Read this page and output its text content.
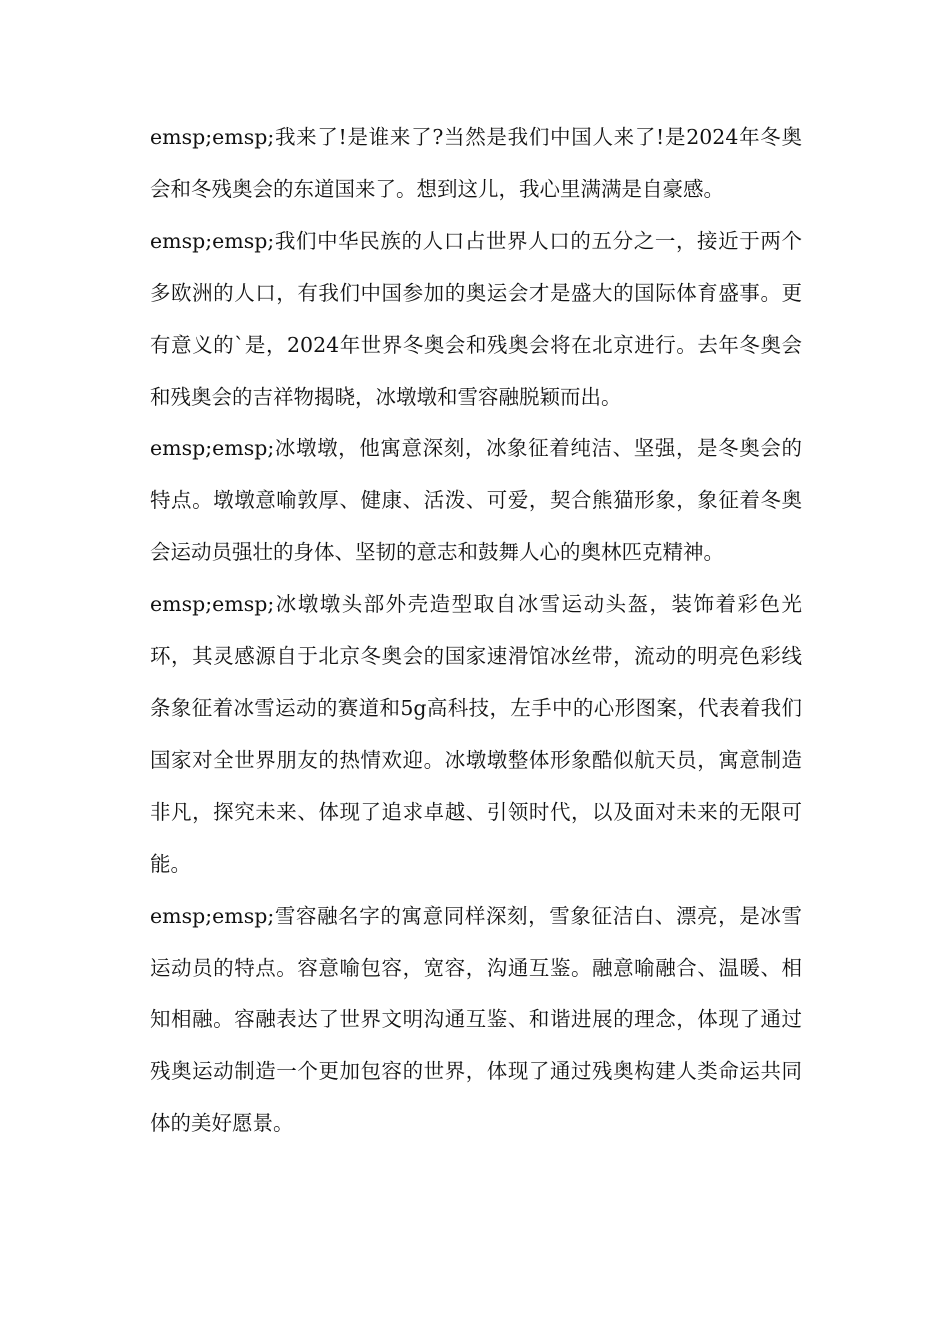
emsp;emsp;我来了!是谁来了?当然是我们中国人来了!是2024年冬奥会和冬残奥会的东道国来了。想到这儿，我心里满满是自豪感。

emsp;emsp;我们中华民族的人口占世界人口的五分之一，接近于两个多欧洲的人口，有我们中国参加的奥运会才是盛大的国际体育盛事。更有意义的`是，2024年世界冬奥会和残奥会将在北京进行。去年冬奥会和残奥会的吉祥物揭晓，冰墩墩和雪容融脱颖而出。

emsp;emsp;冰墩墩，他寓意深刻，冰象征着纯洁、坚强，是冬奥会的特点。墩墩意喻敦厚、健康、活泼、可爱，契合熊猫形象，象征着冬奥会运动员强壮的身体、坚韧的意志和鼓舞人心的奥林匹克精神。

emsp;emsp;冰墩墩头部外壳造型取自冰雪运动头盔，装饰着彩色光环，其灵感源自于北京冬奥会的国家速滑馆冰丝带，流动的明亮色彩线条象征着冰雪运动的赛道和5g高科技，左手中的心形图案，代表着我们国家对全世界朋友的热情欢迎。冰墩墩整体形象酷似航天员，寓意制造非凡，探究未来、体现了追求卓越、引领时代，以及面对未来的无限可能。

emsp;emsp;雪容融名字的寓意同样深刻，雪象征洁白、漂亮，是冰雪运动员的特点。容意喻包容，宽容，沟通互鉴。融意喻融合、温暖、相知相融。容融表达了世界文明沟通互鉴、和谐进展的理念，体现了通过残奥运动制造一个更加包容的世界，体现了通过残奥构建人类命运共同体的美好愿景。
